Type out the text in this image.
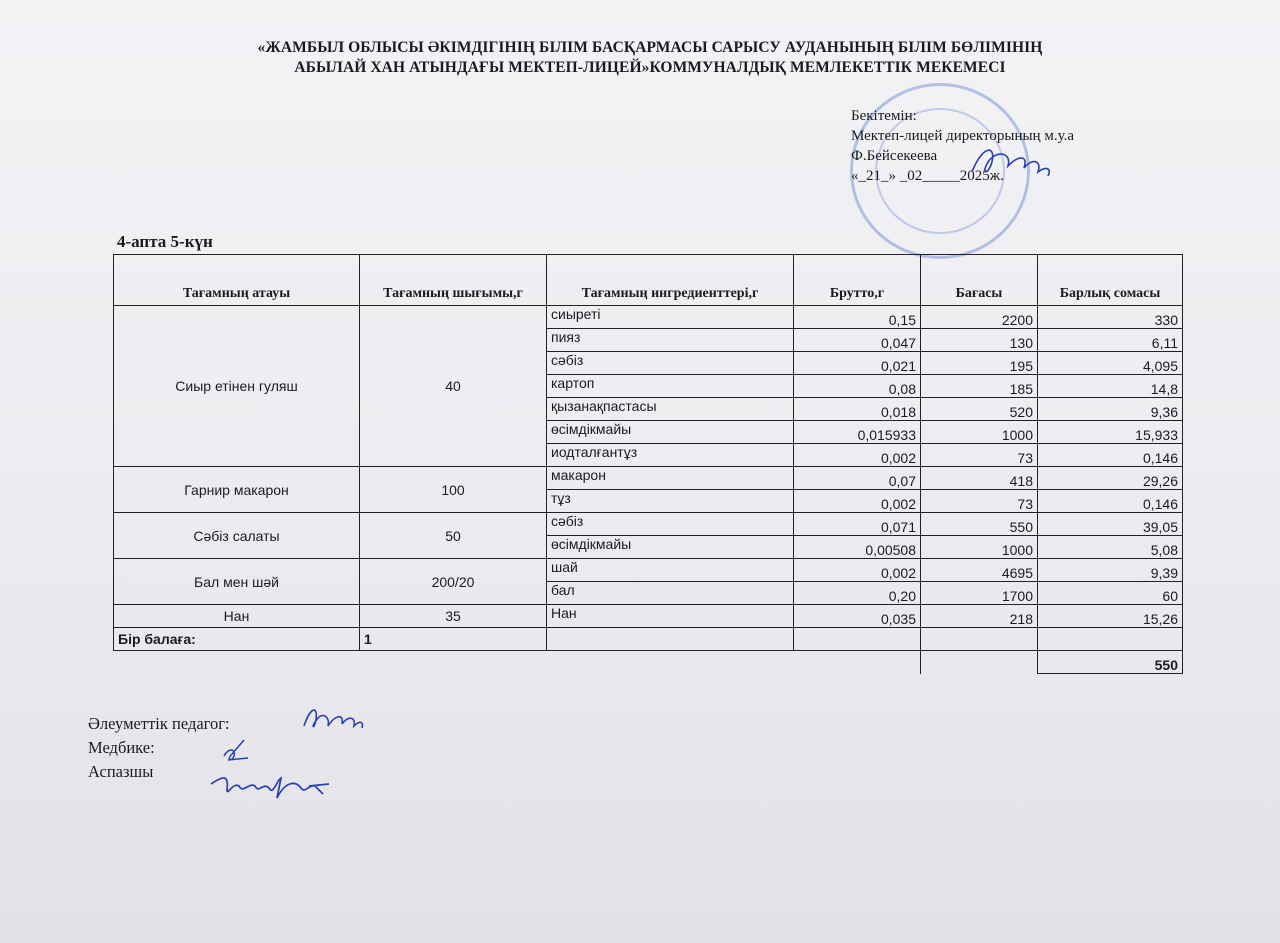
«ЖАМБЫЛ ОБЛЫСЫ ӘКІМДІГІНІҢ БІЛІМ БАСҚАРМАСЫ САРЫСУ АУДАНЫНЫҢ БІЛІМ БӨЛІМІНІҢ
АБЫЛАЙ ХАН АТЫНДАҒЫ МЕКТЕП-ЛИЦЕЙ»КОММУНАЛДЫҚ МЕМЛЕКЕТТІК МЕКЕМЕСІ
Бекітемін:
Мектеп-лицей директорының м.у.а
Ф.Бейсекеева
«_21_» _02_____2025ж.
4-апта 5-күн
Тағамның атауы	Тағамның шығымы,г	Тағамның ингредиенттері,г	Брутто,г	Бағасы	Барлық сомасы
Сиыр етінен гуляш	40	сиыреті	0,15	2200	330
		пияз	0,047	130	6,11
		сәбіз	0,021	195	4,095
		картоп	0,08	185	14,8
		қызанақпастасы	0,018	520	9,36
		өсімдікмайы	0,015933	1000	15,933
		иодталғантұз	0,002	73	0,146
Гарнир макарон	100	макарон	0,07	418	29,26
		тұз	0,002	73	0,146
Сәбіз салаты	50	сәбіз	0,071	550	39,05
		өсімдікмайы	0,00508	1000	5,08
Бал мен шәй	200/20	шай	0,002	4695	9,39
		бал	0,20	1700	60
Нан	35	Нан	0,035	218	15,26
Бір балаға:	1				
					550
Әлеуметтік педагог:
Медбике:
Аспазшы
